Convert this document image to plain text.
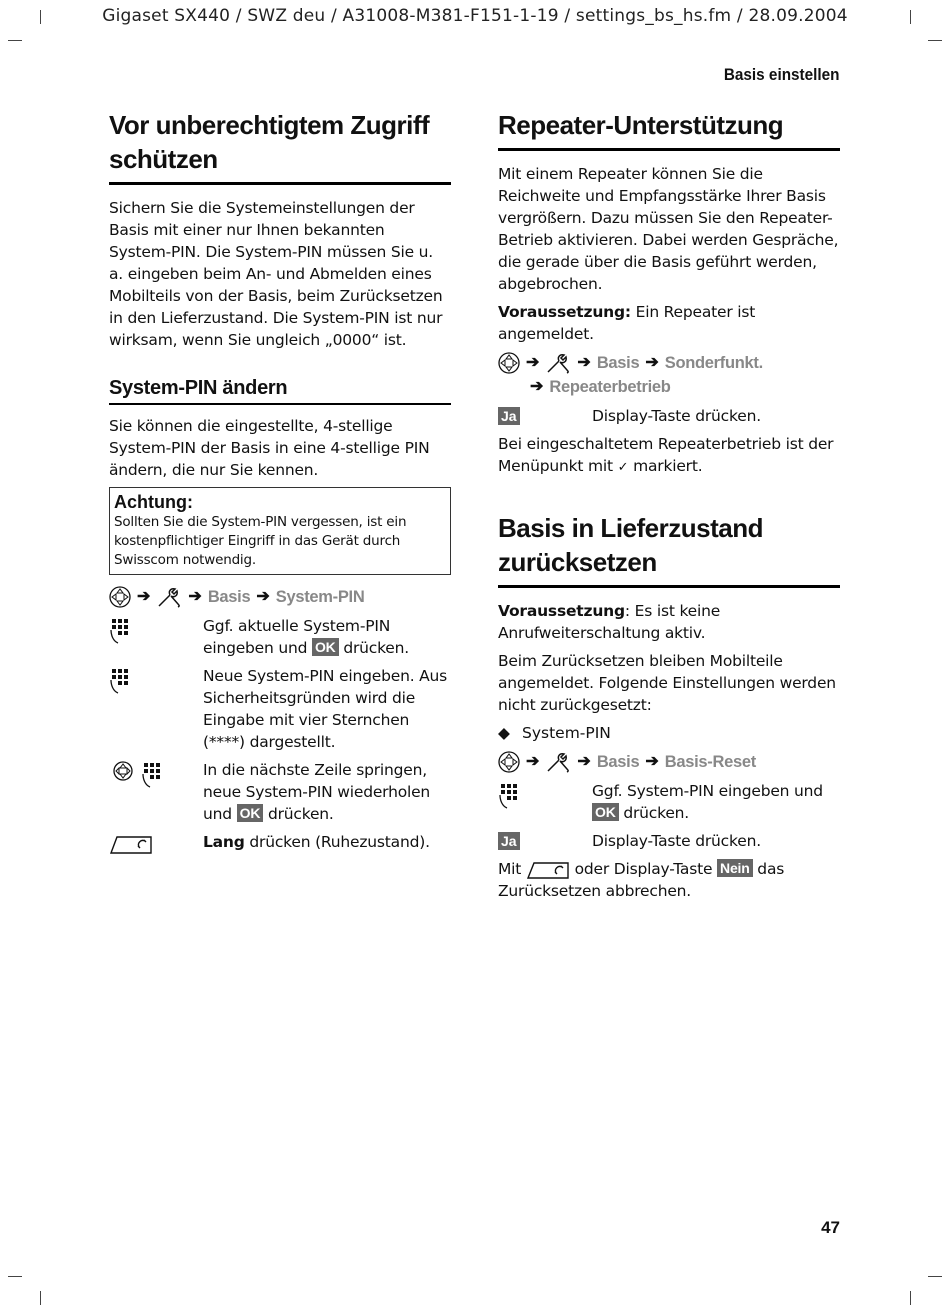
Gigaset SX440 / SWZ deu / A31008-M381-F151-1-19 / settings_bs_hs.fm / 28.09.2004
Basis einstellen
Vor unberechtigtem Zugriff schützen
Sichern Sie die Systemeinstellungen der Basis mit einer nur Ihnen bekannten System-PIN. Die System-PIN müssen Sie u. a. eingeben beim An- und Abmelden eines Mobilteils von der Basis, beim Zurücksetzen in den Lieferzustand. Die System-PIN ist nur wirksam, wenn Sie ungleich „0000“ ist.
System-PIN ändern
Sie können die eingestellte, 4-stellige System-PIN der Basis in eine 4-stellige PIN ändern, die nur Sie kennen.
Achtung:
Sollten Sie die System-PIN vergessen, ist ein kostenpflichtiger Eingriff in das Gerät durch Swisscom notwendig.
➔ ➔ Basis ➔ System-PIN
Ggf. aktuelle System-PIN eingeben und OK drücken.
Neue System-PIN eingeben. Aus Sicherheitsgründen wird die Eingabe mit vier Sternchen (****) dargestellt.
In die nächste Zeile springen, neue System-PIN wiederholen und OK drücken.
Lang drücken (Ruhezustand).
Repeater-Unterstützung
Mit einem Repeater können Sie die Reichweite und Empfangsstärke Ihrer Basis vergrößern. Dazu müssen Sie den Repeater-Betrieb aktivieren. Dabei werden Gespräche, die gerade über die Basis geführt werden, abgebrochen.
Voraussetzung: Ein Repeater ist angemeldet.
➔ ➔ Basis ➔ Sonderfunkt.
➔ Repeaterbetrieb
Ja	Display-Taste drücken.
Bei eingeschaltetem Repeaterbetrieb ist der Menüpunkt mit ✓ markiert.
Basis in Lieferzustand zurücksetzen
Voraussetzung: Es ist keine Anrufweiterschaltung aktiv.
Beim Zurücksetzen bleiben Mobilteile angemeldet. Folgende Einstellungen werden nicht zurückgesetzt:
◆ System-PIN
➔ ➔ Basis ➔ Basis-Reset
Ggf. System-PIN eingeben und OK drücken.
Ja	Display-Taste drücken.
Mit	oder Display-Taste Nein das Zurücksetzen abbrechen.
47
